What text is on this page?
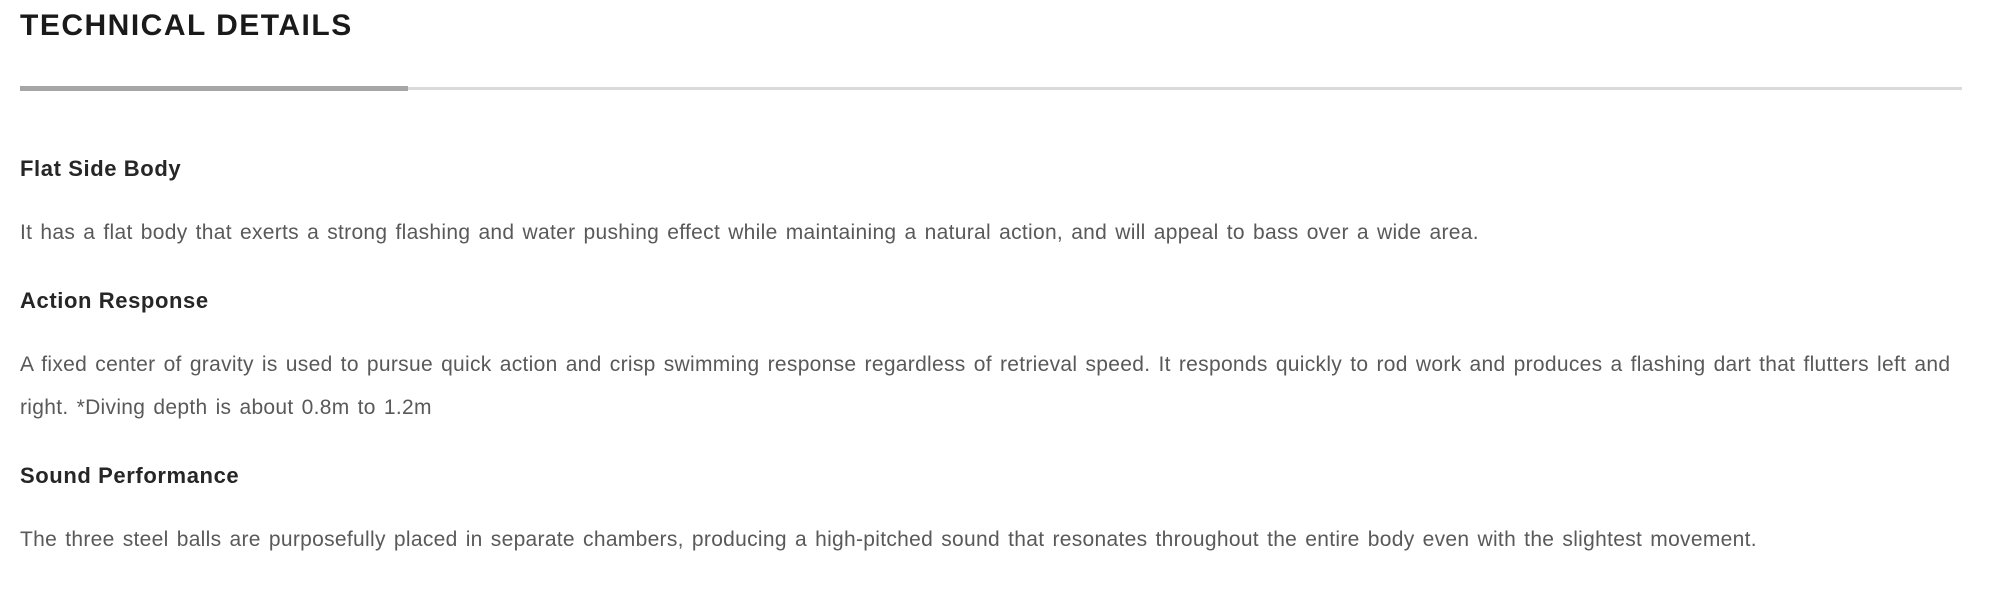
TECHNICAL DETAILS
Flat Side Body

It has a flat body that exerts a strong flashing and water pushing effect while maintaining a natural action, and will appeal to bass over a wide area.

Action Response

A fixed center of gravity is used to pursue quick action and crisp swimming response regardless of retrieval speed. It responds quickly to rod work and produces a flashing dart that flutters left and right. *Diving depth is about 0.8m to 1.2m

Sound Performance

The three steel balls are purposefully placed in separate chambers, producing a high-pitched sound that resonates throughout the entire body even with the slightest movement.
